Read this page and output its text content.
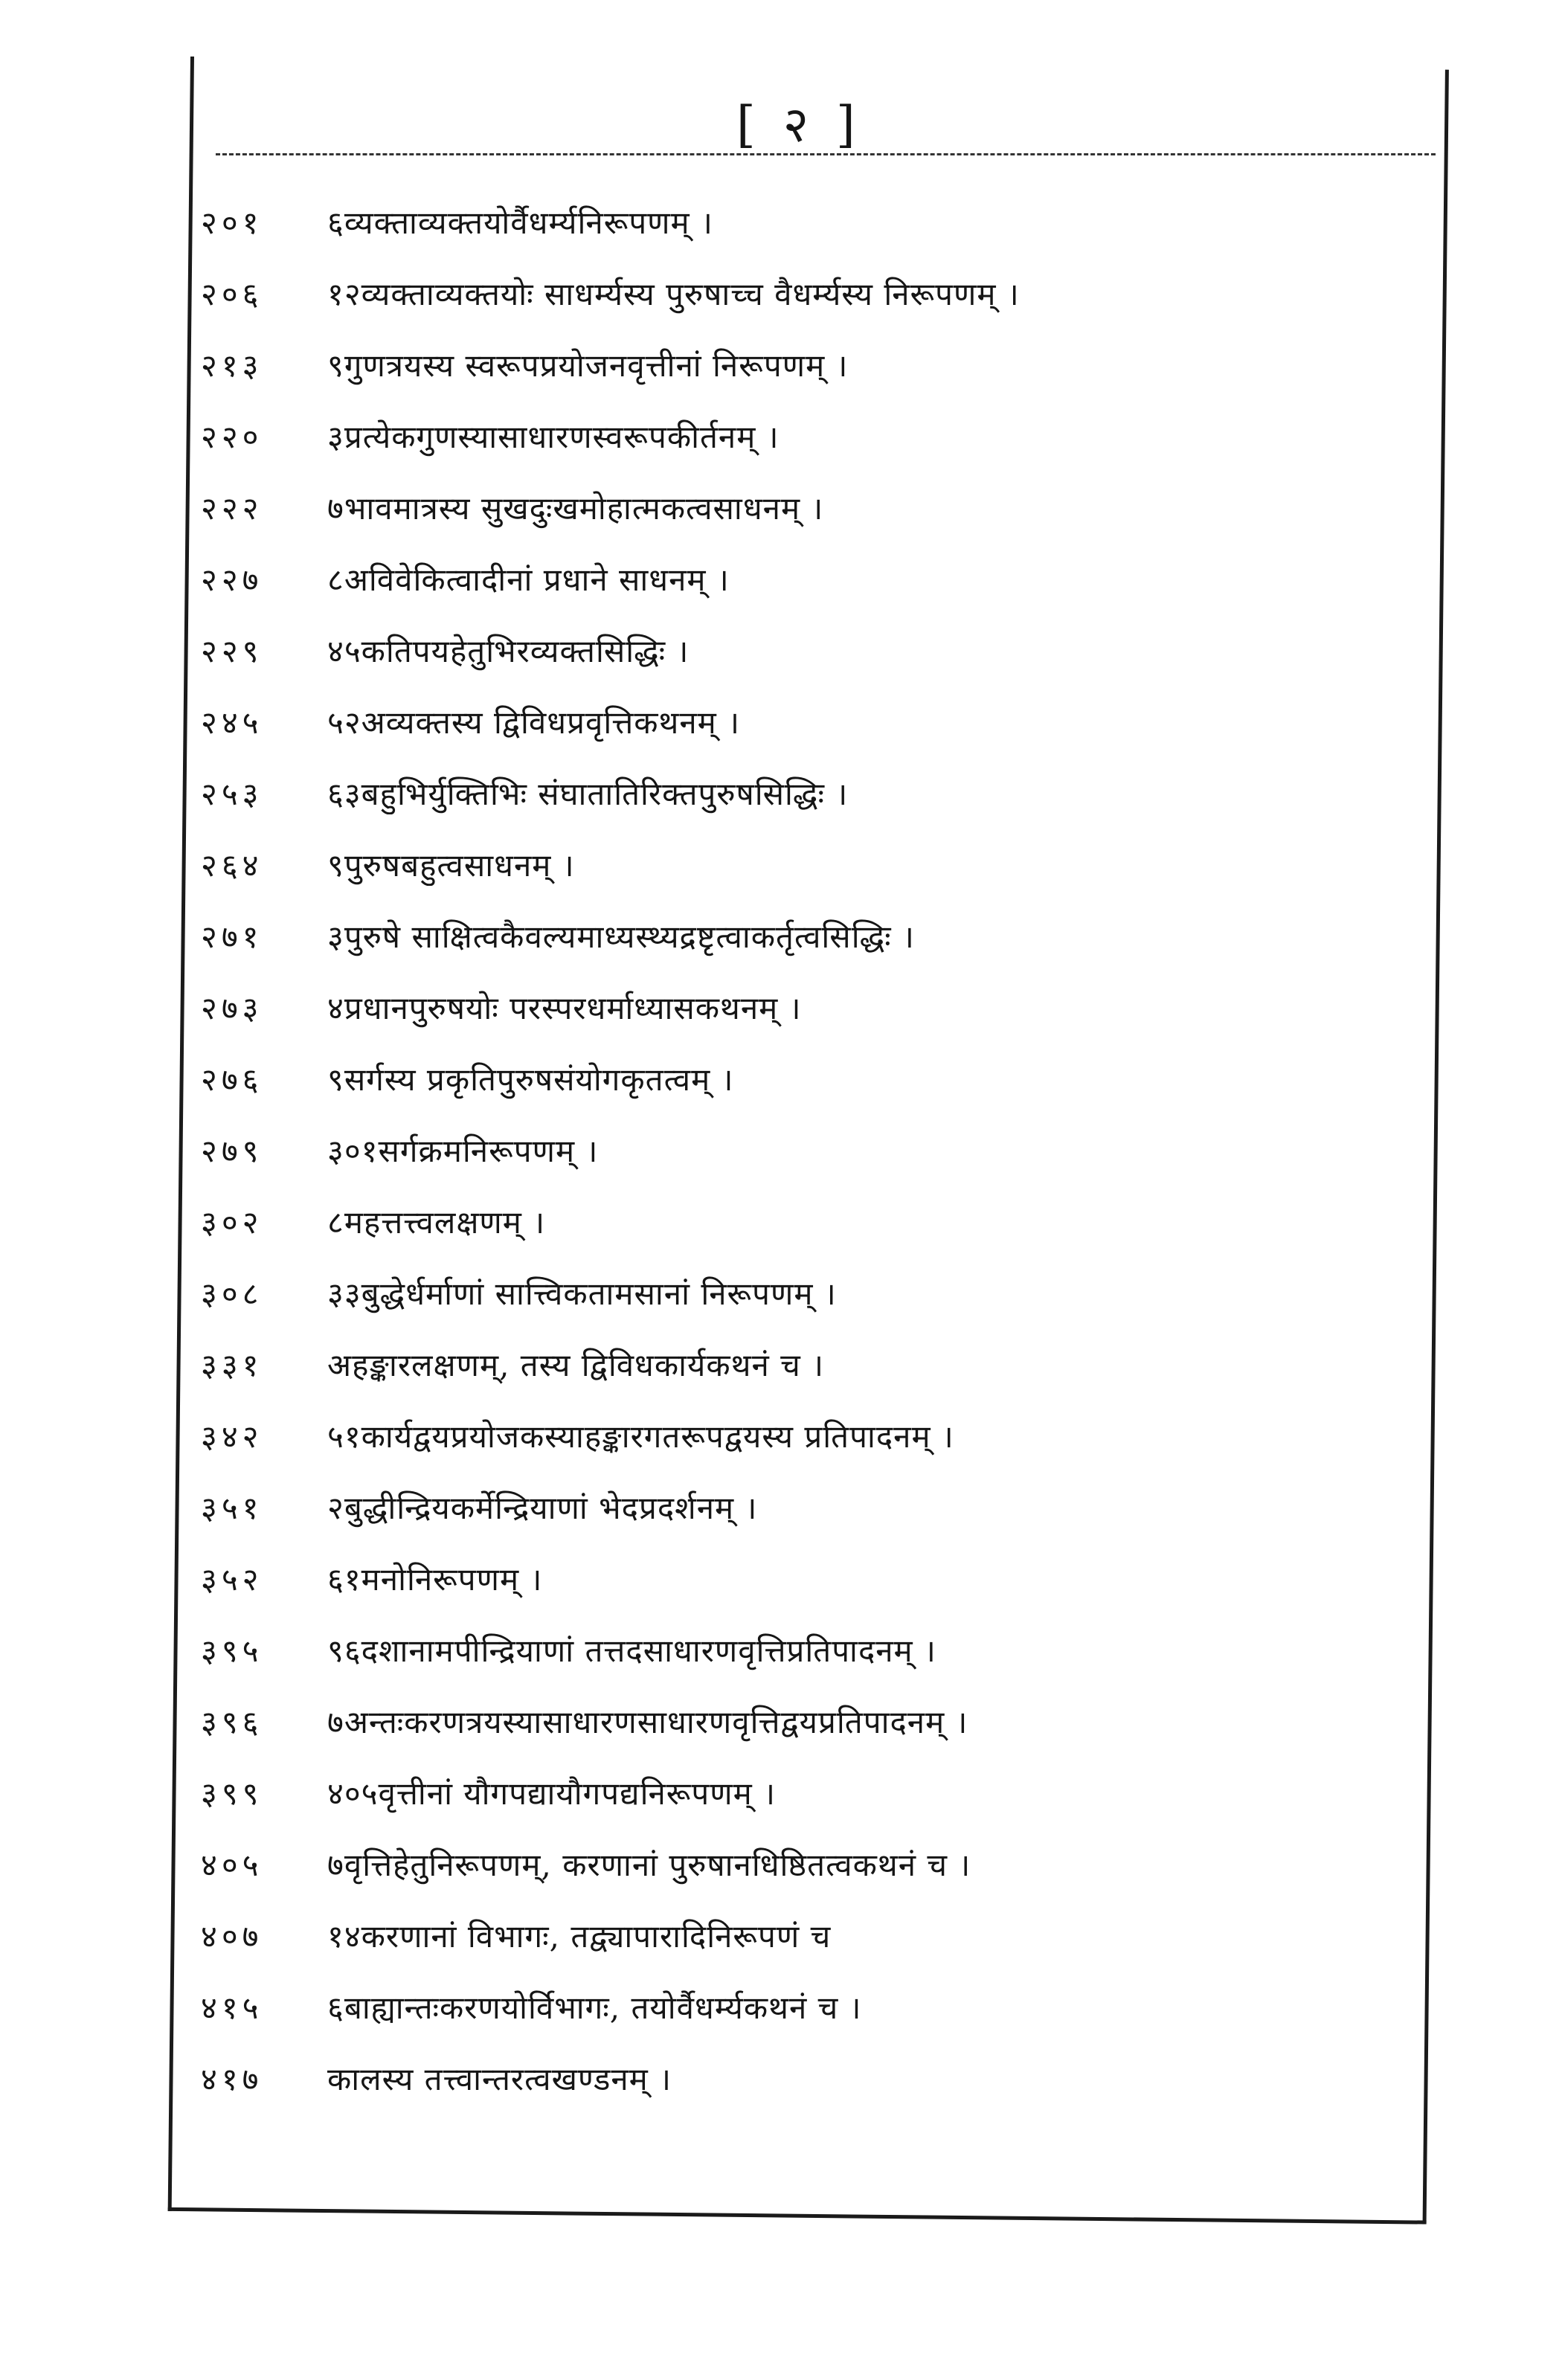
[ २ ]
२०१	६व्यक्ताव्यक्तयोर्वैधर्म्यनिरूपणम् ।
२०६	१२व्यक्ताव्यक्तयोः साधर्म्यस्य पुरुषाच्च वैधर्म्यस्य निरूपणम् ।
२१३	९गुणत्रयस्य स्वरूपप्रयोजनवृत्तीनां निरूपणम् ।
२२०	३प्रत्येकगुणस्यासाधारणस्वरूपकीर्तनम् ।
२२२	७भावमात्रस्य सुखदुःखमोहात्मकत्वसाधनम् ।
२२७	८अविवेकित्वादीनां प्रधाने साधनम् ।
२२९	४५कतिपयहेतुभिरव्यक्तसिद्धिः ।
२४५	५२अव्यक्तस्य द्विविधप्रवृत्तिकथनम् ।
२५३	६३बहुभिर्युक्तिभिः संघातातिरिक्तपुरुषसिद्धिः ।
२६४	९पुरुषबहुत्वसाधनम् ।
२७१	३पुरुषे साक्षित्वकैवल्यमाध्यस्थ्यद्रष्टृत्वाकर्तृत्वसिद्धिः ।
२७३	४प्रधानपुरुषयोः परस्परधर्माध्यासकथनम् ।
२७६	९सर्गस्य प्रकृतिपुरुषसंयोगकृतत्वम् ।
२७९	३०१सर्गक्रमनिरूपणम् ।
३०२	८महत्तत्त्वलक्षणम् ।
३०८	३३बुद्धेर्धर्माणां सात्त्विकतामसानां निरूपणम् ।
३३१	अहङ्कारलक्षणम्, तस्य द्विविधकार्यकथनं च ।
३४२	५१कार्यद्वयप्रयोजकस्याहङ्कारगतरूपद्वयस्य प्रतिपादनम् ।
३५१	२बुद्धीन्द्रियकर्मेन्द्रियाणां भेदप्रदर्शनम् ।
३५२	६१मनोनिरूपणम् ।
३९५	९६दशानामपीन्द्रियाणां तत्तदसाधारणवृत्तिप्रतिपादनम् ।
३९६	७अन्तःकरणत्रयस्यासाधारणसाधारणवृत्तिद्वयप्रतिपादनम् ।
३९९	४०५वृत्तीनां यौगपद्यायौगपद्यनिरूपणम् ।
४०५	७वृत्तिहेतुनिरूपणम्, करणानां पुरुषानधिष्ठितत्वकथनं च ।
४०७	१४करणानां विभागः, तद्व्यापारादिनिरूपणं च
४१५	६बाह्यान्तःकरणयोर्विभागः, तयोर्वैधर्म्यकथनं च ।
४१७	कालस्य तत्त्वान्तरत्वखण्डनम् ।
